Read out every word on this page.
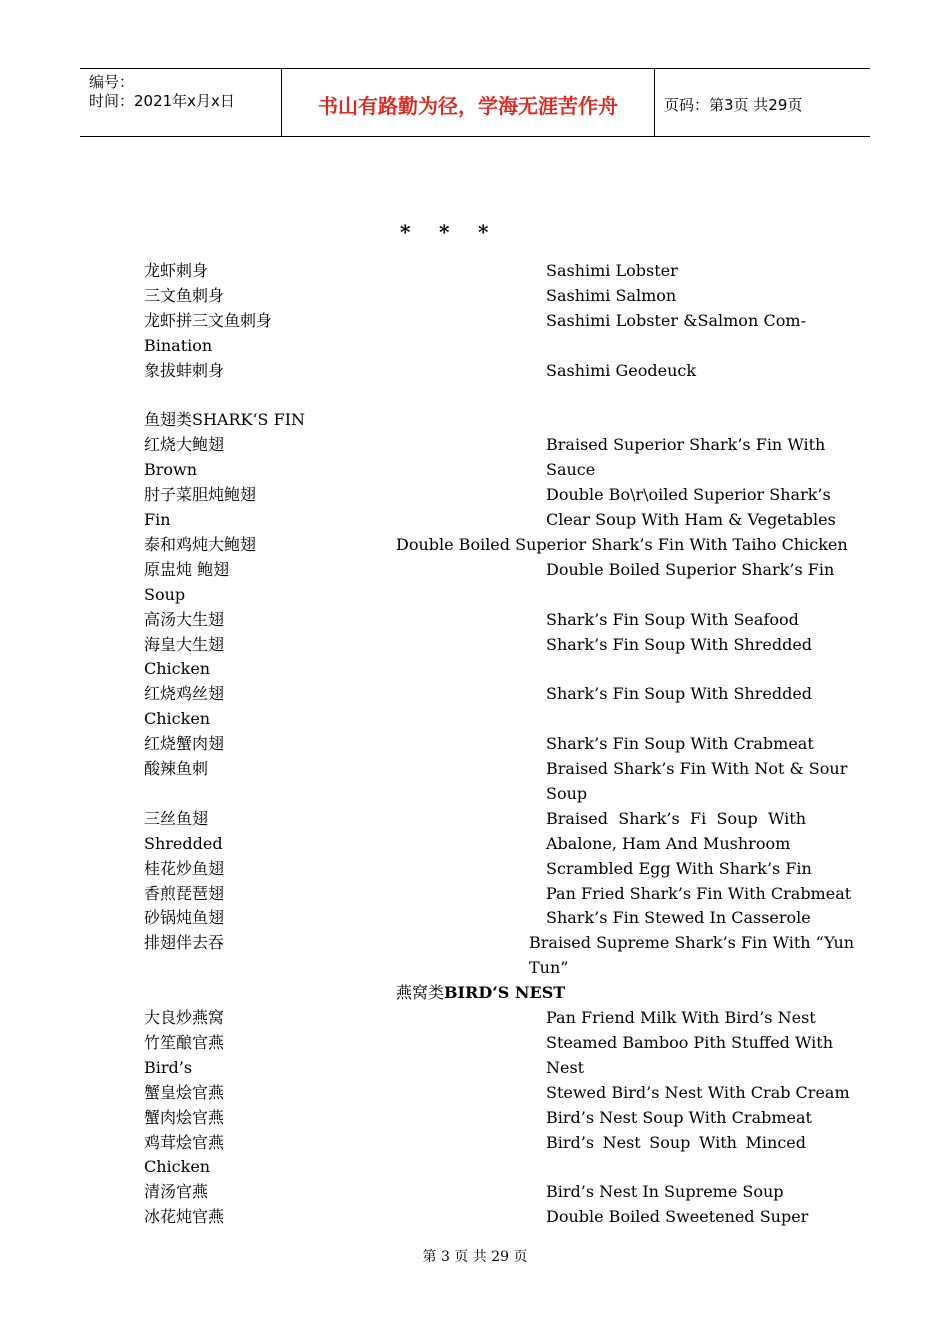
编号：
时间：2021年x月x日	书山有路勤为径，学海无涯苦作舟	页码：第3页 共29页
* * *
龙虾刺身	Sashimi Lobster
三文鱼刺身	Sashimi Salmon
龙虾拼三文鱼刺身	Sashimi Lobster &Salmon Com-
Bination
象拔蚌刺身	Sashimi Geodeuck
鱼翅类SHARK‘S FIN
红烧大鲍翅	Braised Superior Shark’s Fin With
Brown	Sauce
肘子菜胆炖鲍翅	Double Bo\r\oiled Superior Shark’s
Fin	Clear Soup With Ham & Vegetables
泰和鸡炖大鲍翅	Double Boiled Superior Shark’s Fin With Taiho Chicken
原盅炖 鲍翅	Double Boiled Superior Shark’s Fin
Soup
高汤大生翅	Shark’s Fin Soup With Seafood
海皇大生翅	Shark’s Fin Soup With Shredded
Chicken
红烧鸡丝翅	Shark’s Fin Soup With Shredded
Chicken
红烧蟹肉翅	Shark’s Fin Soup With Crabmeat
酸辣鱼刺	Braised Shark’s Fin With Not & Sour
Soup
三丝鱼翅	Braised Shark’s Fi Soup With
Shredded	Abalone, Ham And Mushroom
桂花炒鱼翅	Scrambled Egg With Shark’s Fin
香煎琵琶翅	Pan Fried Shark’s Fin With Crabmeat
砂锅炖鱼翅	Shark’s Fin Stewed In Casserole
排翅伴去吞	Braised Supreme Shark’s Fin With “Yun
Tun”
燕窝类BIRD‘S NEST
大良炒燕窝	Pan Friend Milk With Bird’s Nest
竹笙酿官燕	Steamed Bamboo Pith Stuffed With
Bird’s	Nest
蟹皇烩官燕	Stewed Bird’s Nest With Crab Cream
蟹肉烩官燕	Bird’s Nest Soup With Crabmeat
鸡茸烩官燕	Bird’s Nest Soup With Minced
Chicken
清汤官燕	Bird’s Nest In Supreme Soup
冰花炖官燕	Double Boiled Sweetened Super
第 3 页 共 29 页
